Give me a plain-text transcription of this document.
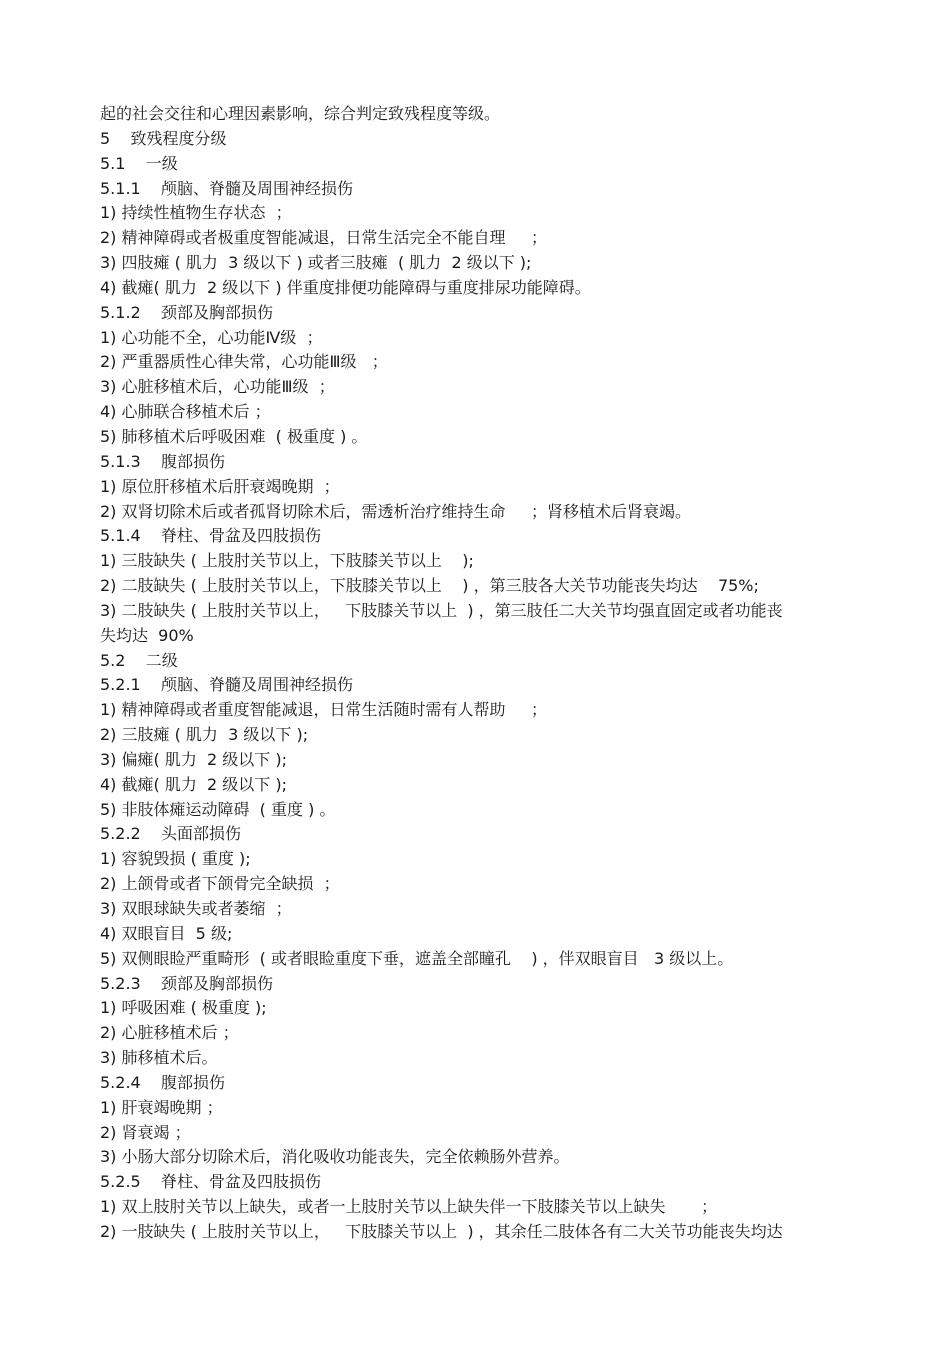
起的社会交往和心理因素影响，综合判定致残程度等级。
5    致残程度分级
5.1    一级
5.1.1    颅脑、脊髓及周围神经损伤
1) 持续性植物生存状态  ；
2) 精神障碍或者极重度智能减退，日常生活完全不能自理     ；
3) 四肢瘫 ( 肌力  3 级以下 ) 或者三肢瘫  ( 肌力  2 级以下 );
4) 截瘫( 肌力  2 级以下 ) 伴重度排便功能障碍与重度排尿功能障碍。
5.1.2    颈部及胸部损伤
1) 心功能不全，心功能Ⅳ级  ；
2) 严重器质性心律失常，心功能Ⅲ级   ；
3) 心脏移植术后，心功能Ⅲ级  ；
4) 心肺联合移植术后 ；
5) 肺移植术后呼吸困难  ( 极重度 ) 。
5.1.3    腹部损伤
1) 原位肝移植术后肝衰竭晚期  ；
2) 双肾切除术后或者孤肾切除术后，需透析治疗维持生命     ；肾移植术后肾衰竭。
5.1.4    脊柱、骨盆及四肢损伤
1) 三肢缺失 ( 上肢肘关节以上，下肢膝关节以上    );
2) 二肢缺失 ( 上肢肘关节以上，下肢膝关节以上    ) ，第三肢各大关节功能丧失均达    75%;
3) 二肢缺失 ( 上肢肘关节以上，   下肢膝关节以上  ) ，第三肢任二大关节均强直固定或者功能丧
失均达  90%
5.2    二级
5.2.1    颅脑、脊髓及周围神经损伤
1) 精神障碍或者重度智能减退，日常生活随时需有人帮助     ；
2) 三肢瘫 ( 肌力  3 级以下 );
3) 偏瘫( 肌力  2 级以下 );
4) 截瘫( 肌力  2 级以下 );
5) 非肢体瘫运动障碍  ( 重度 ) 。
5.2.2    头面部损伤
1) 容貌毁损 ( 重度 );
2) 上颌骨或者下颌骨完全缺损  ；
3) 双眼球缺失或者萎缩  ；
4) 双眼盲目  5 级;
5) 双侧眼睑严重畸形  ( 或者眼睑重度下垂，遮盖全部瞳孔    ) ，伴双眼盲目   3 级以上。
5.2.3    颈部及胸部损伤
1) 呼吸困难 ( 极重度 );
2) 心脏移植术后 ；
3) 肺移植术后。
5.2.4    腹部损伤
1) 肝衰竭晚期 ；
2) 肾衰竭 ；
3) 小肠大部分切除术后，消化吸收功能丧失，完全依赖肠外营养。
5.2.5    脊柱、骨盆及四肢损伤
1) 双上肢肘关节以上缺失，或者一上肢肘关节以上缺失伴一下肢膝关节以上缺失       ；
2) 一肢缺失 ( 上肢肘关节以上，   下肢膝关节以上  ) ，其余任二肢体各有二大关节功能丧失均达
